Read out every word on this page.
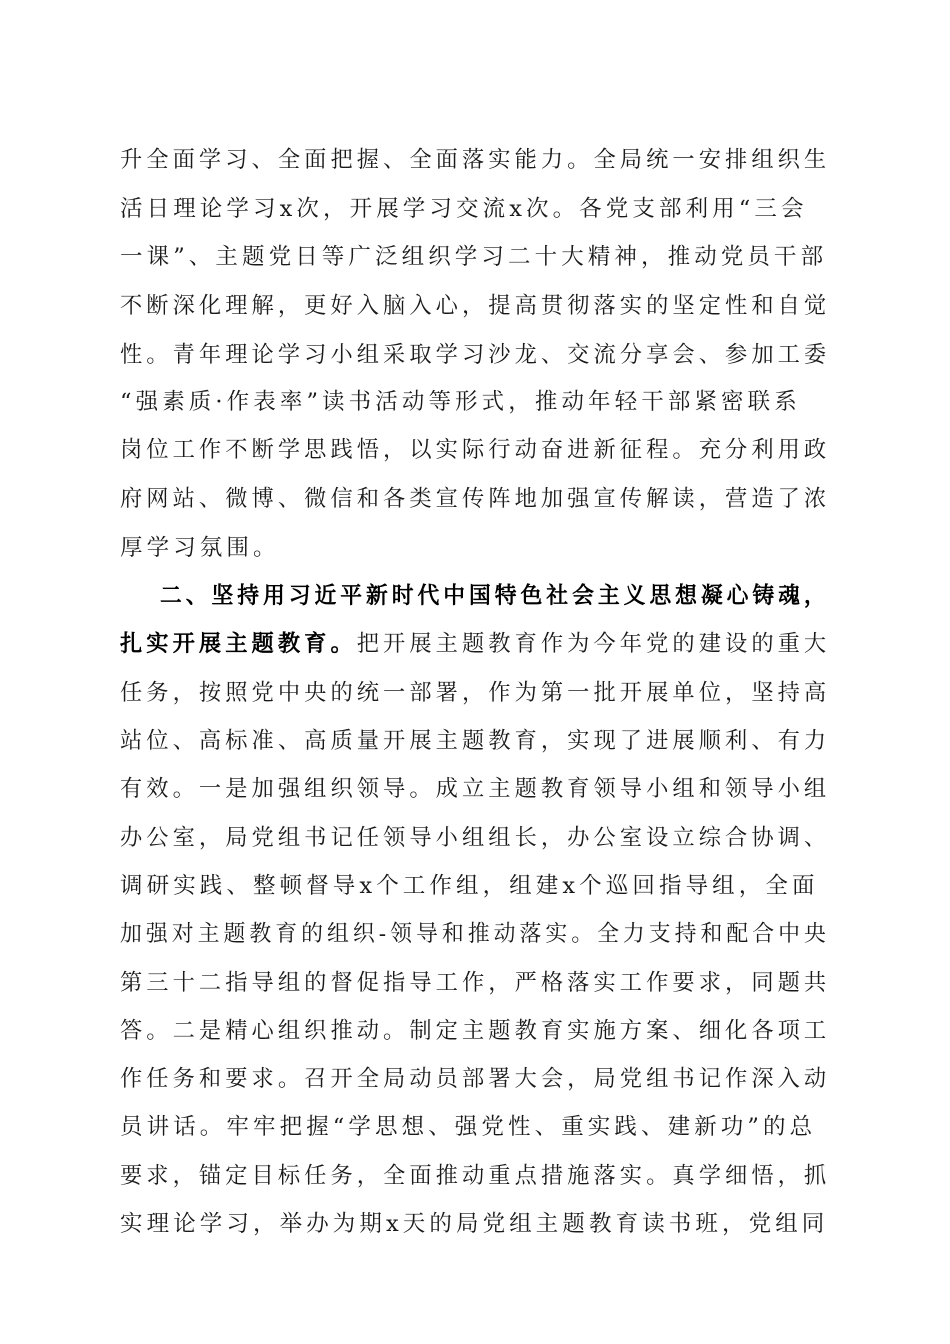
升全面学习、全面把握、全面落实能力。全局统一安排组织生
活日理论学习x次，开展学习交流x次。各党支部利用“三会
一课”、主题党日等广泛组织学习二十大精神，推动党员干部
不断深化理解，更好入脑入心，提高贯彻落实的坚定性和自觉
性。青年理论学习小组采取学习沙龙、交流分享会、参加工委
“强素质·作表率”读书活动等形式，推动年轻干部紧密联系
岗位工作不断学思践悟，以实际行动奋进新征程。充分利用政
府网站、微博、微信和各类宣传阵地加强宣传解读，营造了浓
厚学习氛围。
二、坚持用习近平新时代中国特色社会主义思想凝心铸魂，
扎实开展主题教育。把开展主题教育作为今年党的建设的重大
任务，按照党中央的统一部署，作为第一批开展单位，坚持高
站位、高标准、高质量开展主题教育，实现了进展顺利、有力
有效。一是加强组织领导。成立主题教育领导小组和领导小组
办公室，局党组书记任领导小组组长，办公室设立综合协调、
调研实践、整顿督导x个工作组，组建x个巡回指导组，全面
加强对主题教育的组织-领导和推动落实。全力支持和配合中央
第三十二指导组的督促指导工作，严格落实工作要求，同题共
答。二是精心组织推动。制定主题教育实施方案、细化各项工
作任务和要求。召开全局动员部署大会，局党组书记作深入动
员讲话。牢牢把握“学思想、强党性、重实践、建新功”的总
要求，锚定目标任务，全面推动重点措施落实。真学细悟，抓
实理论学习，举办为期x天的局党组主题教育读书班，党组同
